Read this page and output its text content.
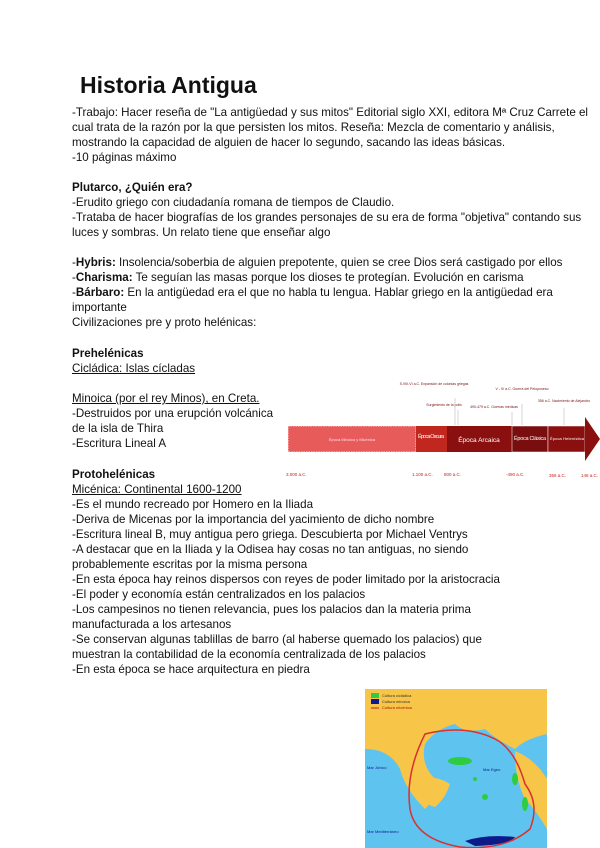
Historia Antigua

-Trabajo: Hacer reseña de "La antigüedad y sus mitos" Editorial siglo XXI, editora Mª Cruz Carrete el cual trata de la razón por la que persisten los mitos. Reseña: Mezcla de comentario y análisis, mostrando la capacidad de alguien de hacer lo segundo, sacando las ideas básicas.

-10 páginas máximo

Plutarco, ¿Quién era?

-Erudito griego con ciudadanía romana de tiempos de Claudio.

-Trataba de hacer biografías de los grandes personajes de su era de forma "objetiva" contando sus luces y sombras. Un relato tiene que enseñar algo

-Hybris: Insolencia/soberbia de alguien prepotente, quien se cree Dios será castigado por ellos

-Charisma: Te seguían las masas porque los dioses te protegían. Evolución en carisma

-Bárbaro: En la antigüedad era el que no habla tu lengua. Hablar griego en la antigüedad era importante

Civilizaciones pre y proto helénicas:

Prehelénicas

Cicládica: Islas cícladas

Minoica (por el rey Minos), en Creta.

-Destruidos por una erupción volcánica de la isla de Thira

-Escritura Lineal A

Protohelénicas

Micénica: Continental 1600-1200

-Es el mundo recreado por Homero en la Iliada

-Deriva de Micenas por la importancia del yacimiento de dicho nombre

-Escritura lineal B, muy antigua pero griega. Descubierta por Michael Ventrys

-A destacar que en la Iliada y la Odisea hay cosas no tan antiguas, no siendo probablemente escritas por la misma persona

-En esta época hay reinos dispersos con reyes de poder limitado por la aristocracia

-El poder y economía están centralizados en los palacios

-Los campesinos no tienen relevancia, pues los palacios dan la materia prima manufacturada a los artesanos

-Se conservan algunas tablillas de barro (al haberse quemado los palacios) que muestran la contabilidad de la economía centralizada de los palacios

-En esta época se hace arquitectura en piedra

S.VIII-VI a.C. Expansión de colonias griegas
Surgimiento de la polis 490-479 a.C. Guerras médicas
V - IV a.C. Guerra del Peloponeso
356 a.C. Nacimiento de Alejandro
Época Minoica y Micénica	Época Oscura Época Arcaica	Época Clásica Época Helenística
3.000 a.C.	1.100 a.C. 800 a.C.	-490 a.C.	356 a.C.	146 a.C.
Cultura cicládica
Cultura minoica
Cultura micénica
Mar Jónico	Mar Egeo
Mar Mediterráneo
